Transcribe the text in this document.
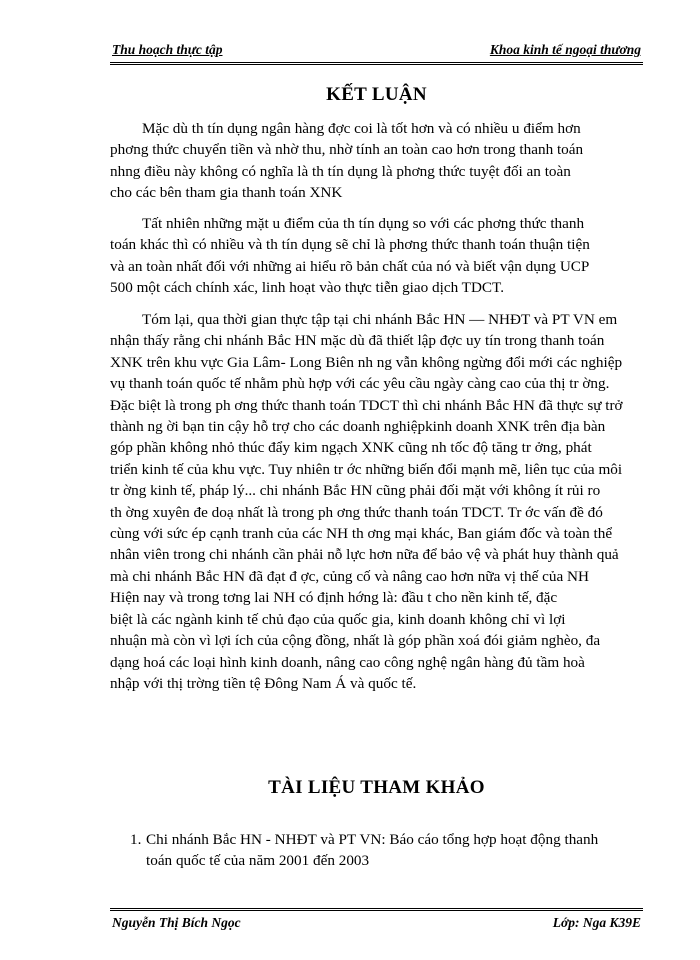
Thu hoạch thực tập	Khoa kinh tế ngoại thương
KẾT LUẬN
Mặc dù th tín dụng ngân hàng đợc coi là tốt hơn và có nhiều u điểm hơn
phơng thức chuyển tiền và nhờ thu, nhờ tính an toàn cao hơn trong thanh toán
nhng điều này không có nghĩa là th tín dụng là phơng thức tuyệt đối an toàn
cho các bên tham gia thanh toán XNK
Tất nhiên những mặt u điểm của th tín dụng so với các phơng thức thanh
toán khác thì có nhiều và th tín dụng sẽ chỉ là phơng thức thanh toán thuận tiện
và an toàn nhất đối với những ai hiểu rõ bản chất của nó và biết vận dụng UCP
500 một cách chính xác, linh hoạt vào thực tiễn giao dịch TDCT.
Tóm lại, qua thời gian thực tập tại chi nhánh Bắc HN — NHĐT và PT VN em
nhận thấy rằng chi nhánh Bắc HN mặc dù đã thiết lập đợc uy tín trong thanh toán
XNK trên khu vực Gia Lâm- Long Biên nh ng vẫn không ngừng đổi mới các nghiệp
vụ thanh toán quốc tế nhằm phù hợp với các yêu cầu ngày càng cao của thị tr ờng.
Đặc biệt là trong ph ơng thức thanh toán TDCT thì chi nhánh Bắc HN đã thực sự trở
thành ng ời bạn tin cậy hỗ trợ cho các doanh nghiệpkinh doanh XNK trên địa bàn
góp phần không nhỏ thúc đẩy kim ngạch XNK cũng nh tốc độ tăng tr ởng, phát
triển kinh tế của khu vực. Tuy nhiên tr ớc những biến đổi mạnh mẽ, liên tục của môi
tr ờng kinh tế, pháp lý... chi nhánh Bắc HN cũng phải đối mặt với không ít rủi ro
th ờng xuyên đe doạ nhất là trong ph ơng thức thanh toán TDCT. Tr ớc vấn đề đó
cùng với sức ép cạnh tranh của các NH th ơng mại khác, Ban giám đốc và toàn thể
nhân viên trong chi nhánh cần phải nỗ lực hơn nữa để bảo vệ và phát huy thành quả
mà chi nhánh Bắc HN đã đạt đ ợc, củng cố và nâng cao hơn nữa vị thế của NH
Hiện nay và trong tơng lai NH có định hớng là: đầu t cho nền kinh tế, đặc
biệt là các ngành kinh tế chủ đạo của quốc gia, kinh doanh không chỉ vì lợi
nhuận mà còn vì lợi ích của cộng đồng, nhất là góp phần xoá đói giảm nghèo, đa
dạng hoá các loại hình kinh doanh, nâng cao công nghệ ngân hàng đủ tầm hoà
nhập với thị trờng tiền tệ Đông Nam Á và quốc tế.
TÀI LIỆU THAM KHẢO
1. Chi nhánh Bắc HN - NHĐT và PT VN: Báo cáo tổng hợp hoạt động thanh
toán quốc tế của năm 2001 đến 2003
Nguyễn Thị Bích Ngọc	Lớp: Nga K39E
